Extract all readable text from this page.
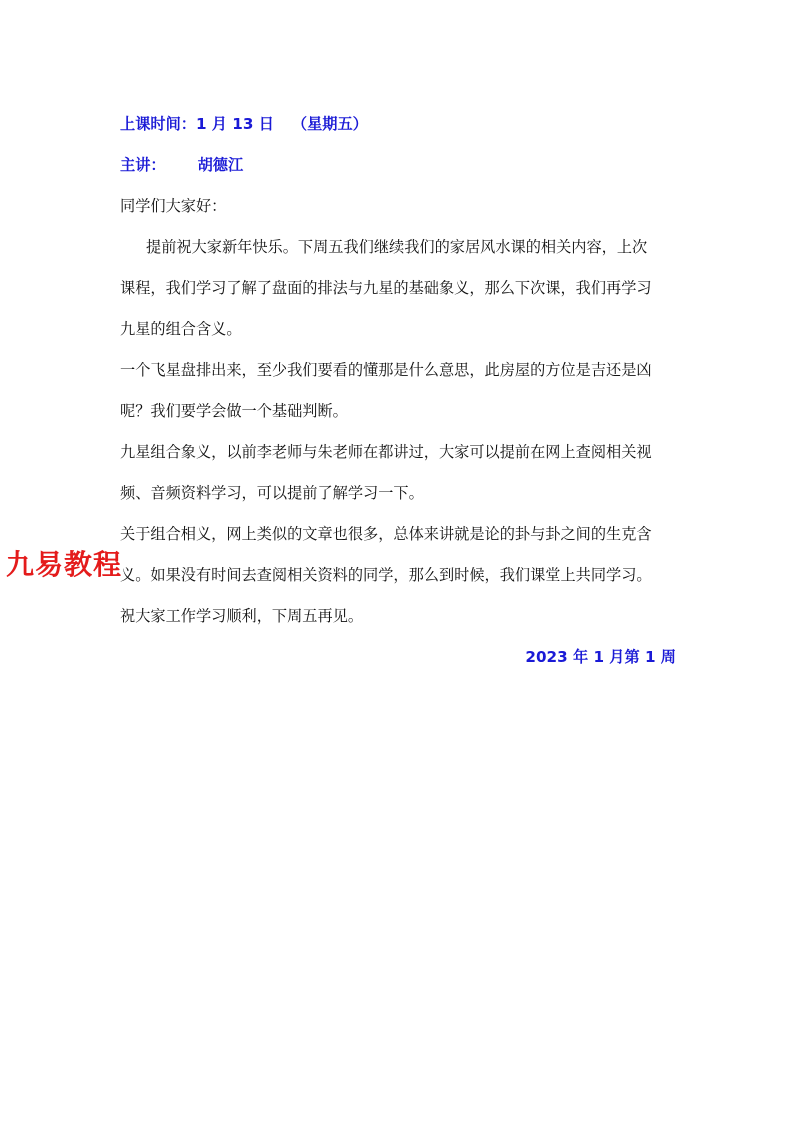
上课时间：1 月 13 日 （星期五）
主讲： 胡德江
同学们大家好：
提前祝大家新年快乐。下周五我们继续我们的家居风水课的相关内容，上次
课程，我们学习了解了盘面的排法与九星的基础象义，那么下次课，我们再学习
九星的组合含义。
一个飞星盘排出来，至少我们要看的懂那是什么意思，此房屋的方位是吉还是凶
呢？我们要学会做一个基础判断。
九星组合象义，以前李老师与朱老师在都讲过，大家可以提前在网上查阅相关视
频、音频资料学习，可以提前了解学习一下。
关于组合相义，网上类似的文章也很多，总体来讲就是论的卦与卦之间的生克含
义。如果没有时间去查阅相关资料的同学，那么到时候，我们课堂上共同学习。
祝大家工作学习顺利，下周五再见。
2023 年 1 月第 1 周
九易教程
